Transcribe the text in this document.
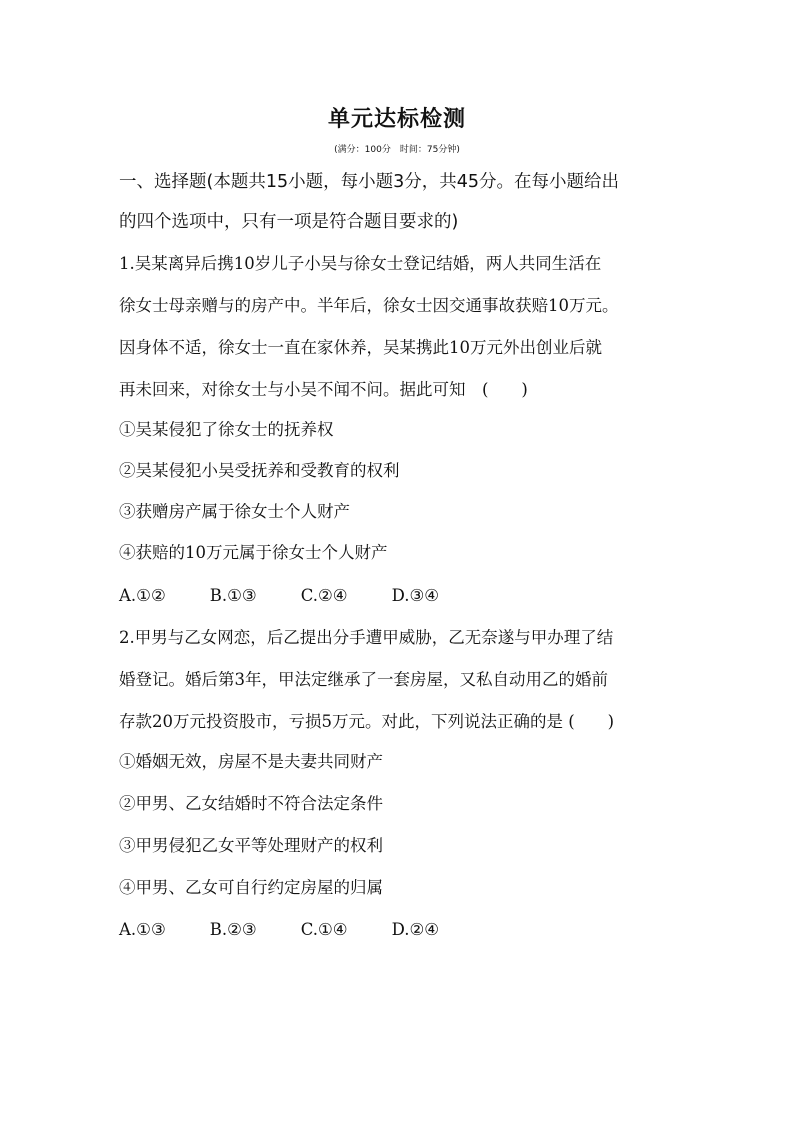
单元达标检测
(满分：100分　时间：75分钟)
一、选择题(本题共15小题，每小题3分，共45分。在每小题给出
的四个选项中，只有一项是符合题目要求的)
1.吴某离异后携10岁儿子小吴与徐女士登记结婚，两人共同生活在
徐女士母亲赠与的房产中。半年后，徐女士因交通事故获赔10万元。
因身体不适，徐女士一直在家休养，吴某携此10万元外出创业后就
再未回来，对徐女士与小吴不闻不问。据此可知　(　　)
①吴某侵犯了徐女士的抚养权
②吴某侵犯小吴受抚养和受教育的权利
③获赠房产属于徐女士个人财产
④获赔的10万元属于徐女士个人财产
A.①②	B.①③	C.②④	D.③④
2.甲男与乙女网恋，后乙提出分手遭甲威胁，乙无奈遂与甲办理了结
婚登记。婚后第3年，甲法定继承了一套房屋，又私自动用乙的婚前
存款20万元投资股市，亏损5万元。对此，下列说法正确的是 (　　)
①婚姻无效，房屋不是夫妻共同财产
②甲男、乙女结婚时不符合法定条件
③甲男侵犯乙女平等处理财产的权利
④甲男、乙女可自行约定房屋的归属
A.①③	B.②③	C.①④	D.②④
